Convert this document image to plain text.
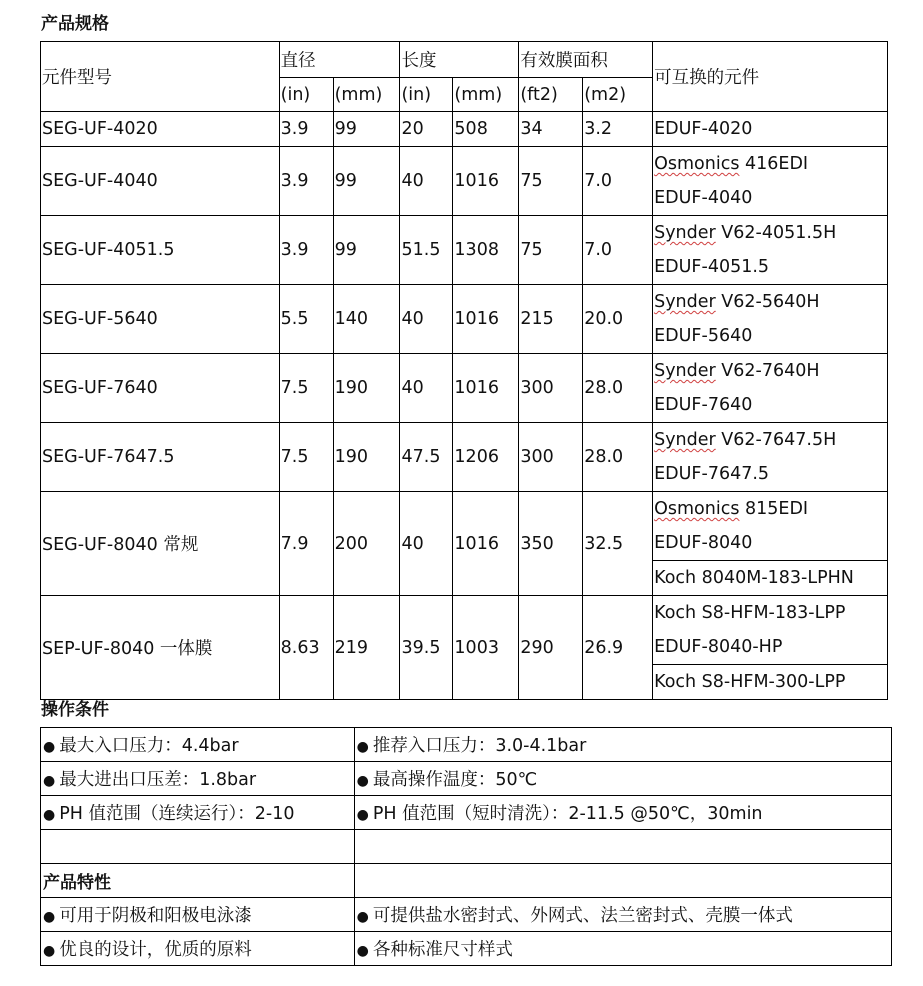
产品规格
元件型号	直径		长度		有效膜面积		可互换的元件
	(in)	(mm)	(in)	(mm)	(ft2)	(m2)	
SEG-UF-4020	3.9	99	20	508	34	3.2	EDUF-4020

SEG-UF-4040	3.9	99	40	1016	75	7.0	Osmonics 416EDI
EDUF-4040

SEG-UF-4051.5	3.9	99	51.5	1308	75	7.0	Synder V62-4051.5H
EDUF-4051.5

SEG-UF-5640	5.5	140	40	1016	215	20.0	Synder V62-5640H
EDUF-5640

SEG-UF-7640	7.5	190	40	1016	300	28.0	Synder V62-7640H
EDUF-7640

SEG-UF-7647.5	7.5	190	47.5	1206	300	28.0	Synder V62-7647.5H
EDUF-7647.5

SEG-UF-8040 常规	7.9	200	40	1016	350	32.5	Osmonics 815EDI
EDUF-8040

							Koch 8040M-183-LPHN

SEP-UF-8040 一体膜	8.63	219	39.5	1003	290	26.9	Koch S8-HFM-183-LPP
EDUF-8040-HP

							Koch S8-HFM-300-LPP
操作条件
● 最大入口压力：4.4bar	● 推荐入口压力：3.0-4.1bar
● 最大进出口压差：1.8bar	● 最高操作温度：50℃
● PH 值范围（连续运行）：2-10	● PH 值范围（短时清洗）：2-11.5 @50℃，30min

产品特性	
● 可用于阴极和阳极电泳漆	● 可提供盐水密封式、外网式、法兰密封式、壳膜一体式
● 优良的设计，优质的原料	● 各种标准尺寸样式
